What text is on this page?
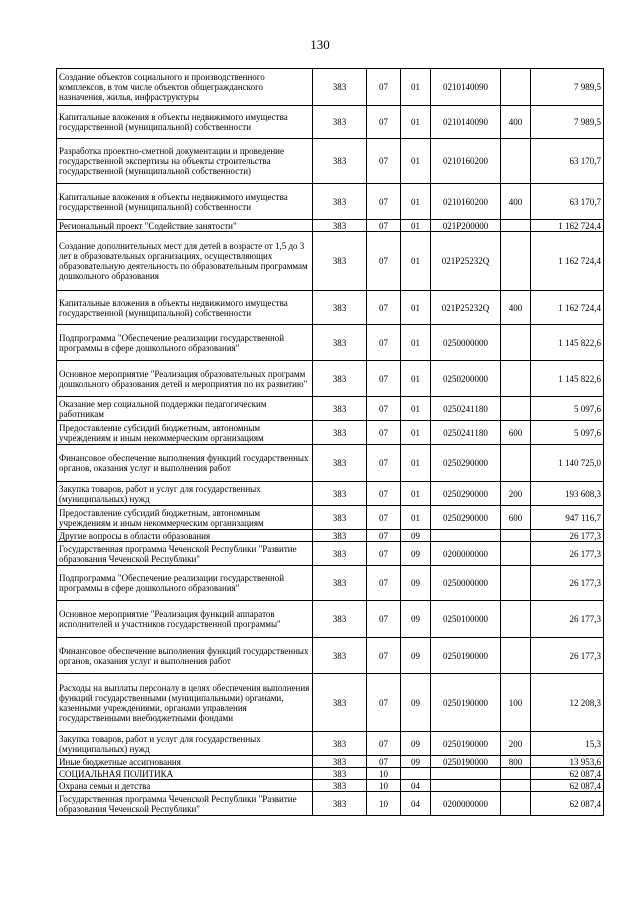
130
Создание объектов социального и производственного комплексов, в том числе объектов общегражданского назначения, жилья, инфраструктуры	383	07	01	0210140090		7 989,5
Капитальные вложения в объекты недвижимого имущества государственной (муниципальной) собственности	383	07	01	0210140090	400	7 989,5
Разработка проектно-сметной документации и проведение государственной экспертизы на объекты строительства государственной (муниципальной собственности)	383	07	01	0210160200		63 170,7
Капитальные вложения в объекты недвижимого имущества государственной (муниципальной) собственности	383	07	01	0210160200	400	63 170,7
Региональный проект "Содействие занятости"	383	07	01	021P200000		1 162 724,4
Создание дополнительных мест для детей в возрасте от 1,5 до 3 лет в образовательных организациях, осуществляющих образовательную деятельность по образовательным программам дошкольного образования	383	07	01	021P25232Q		1 162 724,4
Капитальные вложения в объекты недвижимого имущества государственной (муниципальной) собственности	383	07	01	021P25232Q	400	1 162 724,4
Подпрограмма "Обеспечение реализации государственной программы в сфере дошкольного образования"	383	07	01	0250000000		1 145 822,6
Основное мероприятие "Реализация образовательных программ дошкольного образования детей и мероприятия по их развитию"	383	07	01	0250200000		1 145 822,6
Оказание мер социальной поддержки педагогическим работникам	383	07	01	0250241180		5 097,6
Предоставление субсидий бюджетным, автономным учреждениям и иным некоммерческим организациям	383	07	01	0250241180	600	5 097,6
Финансовое обеспечение выполнения функций государственных органов, оказания услуг и выполнения работ	383	07	01	0250290000		1 140 725,0
Закупка товаров, работ и услуг для государственных (муниципальных) нужд	383	07	01	0250290000	200	193 608,3
Предоставление субсидий бюджетным, автономным учреждениям и иным некоммерческим организациям	383	07	01	0250290000	600	947 116,7
Другие вопросы в области образования	383	07	09			26 177,3
Государственная программа Чеченской Республики "Развитие образования Чеченской Республики"	383	07	09	0200000000		26 177,3
Подпрограмма "Обеспечение реализации государственной программы в сфере дошкольного образования"	383	07	09	0250000000		26 177,3
Основное мероприятие "Реализация функций аппаратов исполнителей и участников государственной программы"	383	07	09	0250100000		26 177,3
Финансовое обеспечение выполнения функций государственных органов, оказания услуг и выполнения работ	383	07	09	0250190000		26 177,3
Расходы на выплаты персоналу в целях обеспечения выполнения функций государственными (муниципальными) органами, казенными учреждениями, органами управления государственными внебюджетными фондами	383	07	09	0250190000	100	12 208,3
Закупка товаров, работ и услуг для государственных (муниципальных) нужд	383	07	09	0250190000	200	15,3
Иные бюджетные ассигнования	383	07	09	0250190000	800	13 953,6
СОЦИАЛЬНАЯ ПОЛИТИКА	383	10				62 087,4
Охрана семьи и детства	383	10	04			62 087,4
Государственная программа Чеченской Республики "Развитие образования Чеченской Республики"	383	10	04	0200000000		62 087,4
